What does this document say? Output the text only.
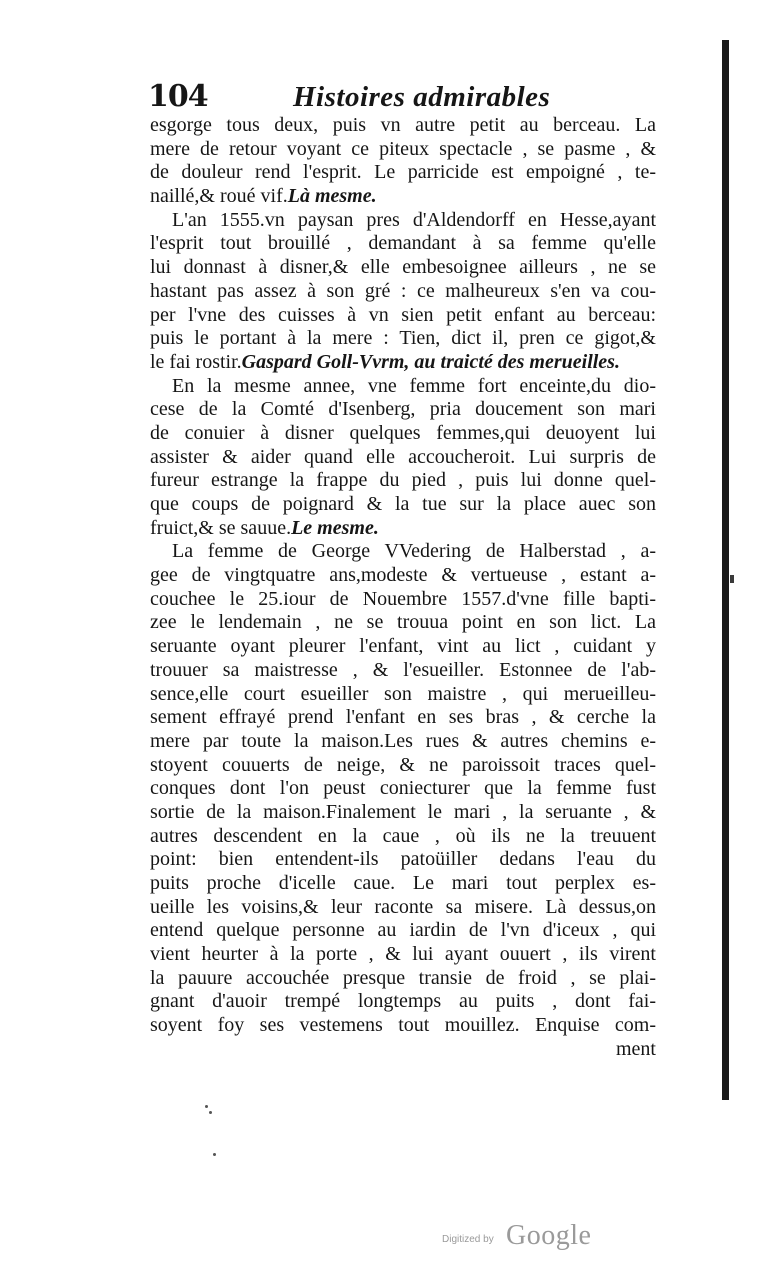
104	Histoires admirables
esgorge tous deux, puis vn autre petit au berceau. La
mere de retour voyant ce piteux spectacle , se pasme , &
de douleur rend l'esprit. Le parricide est empoigné , te-
naillé,& roué vif.Là mesme.
L'an 1555.vn paysan pres d'Aldendorff en Hesse,ayant
l'esprit tout brouillé , demandant à sa femme qu'elle
lui donnast à disner,& elle embesoignee ailleurs , ne se
hastant pas assez à son gré : ce malheureux s'en va cou-
per l'vne des cuisses à vn sien petit enfant au berceau:
puis le portant à la mere : Tien, dict il, pren ce gigot,&
le fai rostir.Gaspard Goll-Vvrm, au traicté des merueilles.
En la mesme annee, vne femme fort enceinte,du dio-
cese de la Comté d'Isenberg, pria doucement son mari
de conuier à disner quelques femmes,qui deuoyent lui
assister & aider quand elle accoucheroit. Lui surpris de
fureur estrange la frappe du pied , puis lui donne quel-
que coups de poignard & la tue sur la place auec son
fruict,& se sauue.Le mesme.
La femme de George VVedering de Halberstad , a-
gee de vingtquatre ans,modeste & vertueuse , estant a-
couchee le 25.iour de Nouembre 1557.d'vne fille bapti-
zee le lendemain , ne se trouua point en son lict. La
seruante oyant pleurer l'enfant, vint au lict , cuidant y
trouuer sa maistresse , & l'esueiller. Estonnee de l'ab-
sence,elle court esueiller son maistre , qui merueilleu-
sement effrayé prend l'enfant en ses bras , & cerche la
mere par toute la maison.Les rues & autres chemins e-
stoyent couuerts de neige, & ne paroissoit traces quel-
conques dont l'on peust coniecturer que la femme fust
sortie de la maison.Finalement le mari , la seruante , &
autres descendent en la caue , où ils ne la treuuent
point: bien entendent-ils patoüiller dedans l'eau du
puits proche d'icelle caue. Le mari tout perplex es-
ueille les voisins,& leur raconte sa misere. Là dessus,on
entend quelque personne au iardin de l'vn d'iceux , qui
vient heurter à la porte , & lui ayant ouuert , ils virent
la pauure accouchée presque transie de froid , se plai-
gnant d'auoir trempé longtemps au puits , dont fai-
soyent foy ses vestemens tout mouillez. Enquise com-
ment
Digitized by Google
